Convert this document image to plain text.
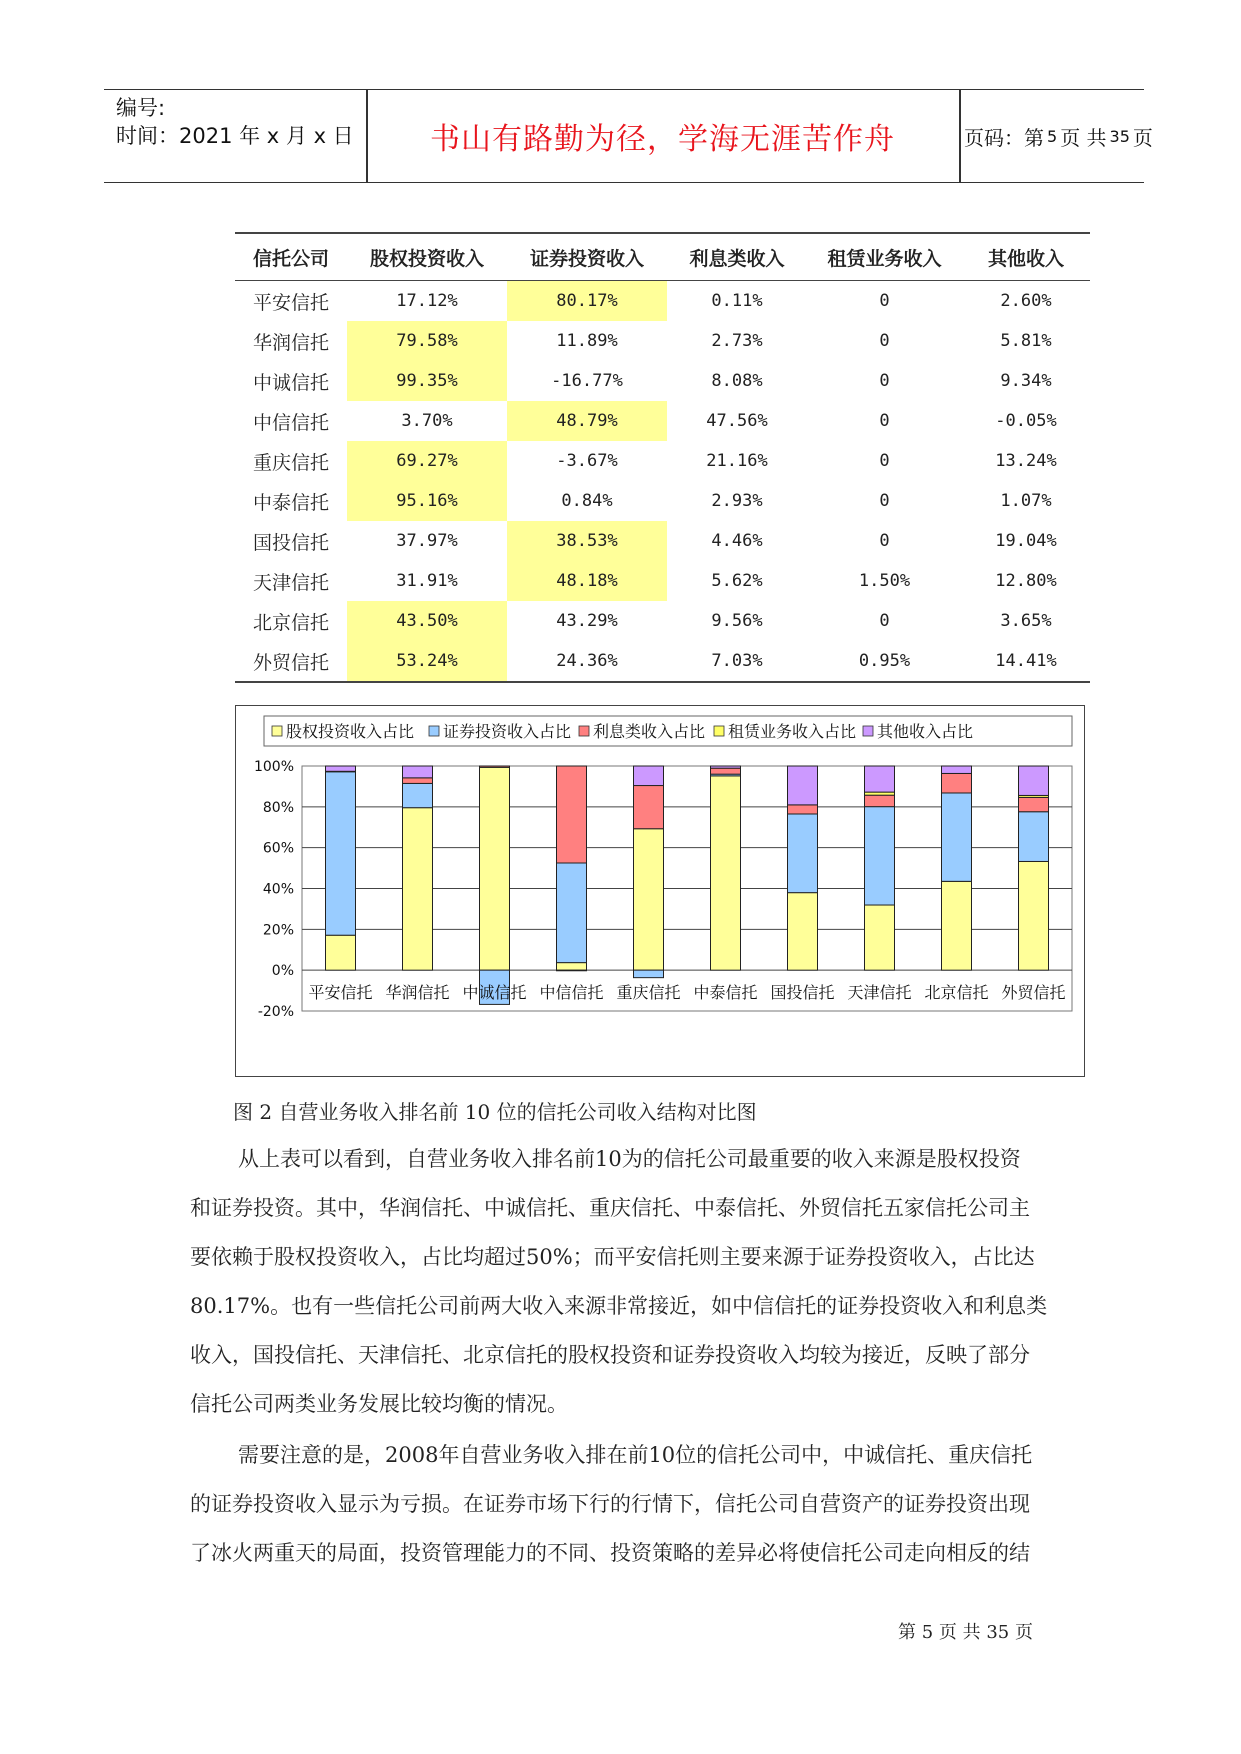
编号:
时间：2021 年 x 月 x 日	书山有路勤为径，学海无涯苦作舟	页码：第 5 页 共 35 页
信托公司	股权投资收入	证券投资收入	利息类收入	租赁业务收入	其他收入
平安信托	17.12%	80.17%	0.11%	0	2.60%
华润信托	79.58%	11.89%	2.73%	0	5.81%
中诚信托	99.35%	-16.77%	8.08%	0	9.34%
中信信托	3.70%	48.79%	47.56%	0	-0.05%
重庆信托	69.27%	-3.67%	21.16%	0	13.24%
中泰信托	95.16%	0.84%	2.93%	0	1.07%
国投信托	37.97%	38.53%	4.46%	0	19.04%
天津信托	31.91%	48.18%	5.62%	1.50%	12.80%
北京信托	43.50%	43.29%	9.56%	0	3.65%
外贸信托	53.24%	24.36%	7.03%	0.95%	14.41%
股权投资收入占比 证券投资收入占比 利息类收入占比 租赁业务收入占比 其他收入占比
100%
80%
60%
40%
20%
0%
-20%
平安信托 华润信托 中诚信托 中信信托 重庆信托 中泰信托 国投信托 天津信托 北京信托 外贸信托
图 2 自营业务收入排名前 10 位的信托公司收入结构对比图
从上表可以看到，自营业务收入排名前10为的信托公司最重要的收入来源是股权投资
和证券投资。其中，华润信托、中诚信托、重庆信托、中泰信托、外贸信托五家信托公司主
要依赖于股权投资收入，占比均超过50%；而平安信托则主要来源于证券投资收入，占比达
80.17%。也有一些信托公司前两大收入来源非常接近，如中信信托的证券投资收入和利息类
收入，国投信托、天津信托、北京信托的股权投资和证券投资收入均较为接近，反映了部分
信托公司两类业务发展比较均衡的情况。
需要注意的是，2008年自营业务收入排在前10位的信托公司中，中诚信托、重庆信托
的证券投资收入显示为亏损。在证券市场下行的行情下，信托公司自营资产的证券投资出现
了冰火两重天的局面，投资管理能力的不同、投资策略的差异必将使信托公司走向相反的结
第 5 页 共 35 页
